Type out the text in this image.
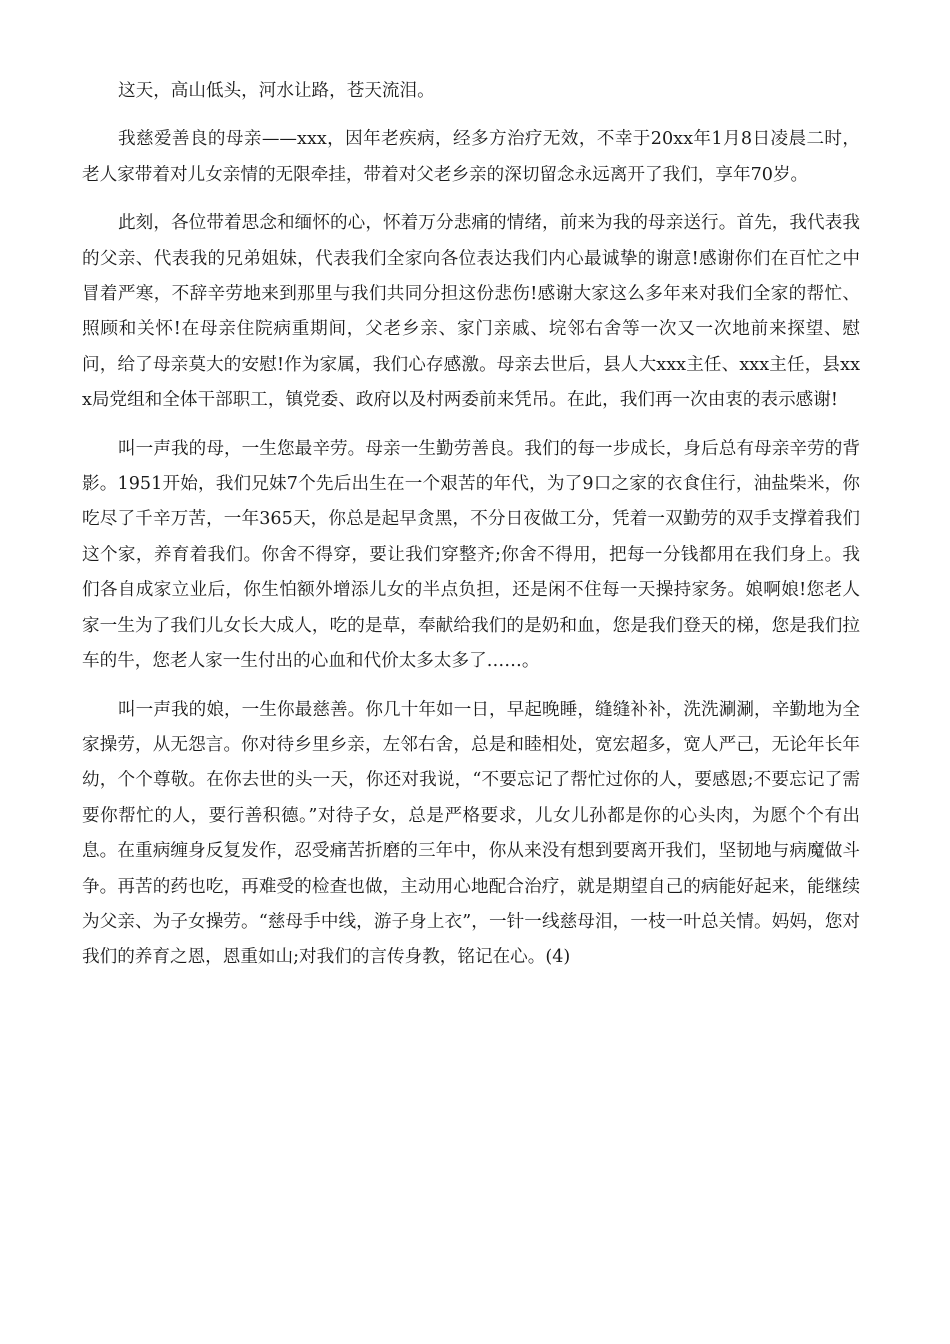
这天，高山低头，河水让路，苍天流泪。

我慈爱善良的母亲——xxx，因年老疾病，经多方治疗无效，不幸于20xx年1月8日凌晨二时，老人家带着对儿女亲情的无限牵挂，带着对父老乡亲的深切留念永远离开了我们，享年70岁。

此刻，各位带着思念和缅怀的心，怀着万分悲痛的情绪，前来为我的母亲送行。首先，我代表我的父亲、代表我的兄弟姐妹，代表我们全家向各位表达我们内心最诚挚的谢意!感谢你们在百忙之中冒着严寒，不辞辛劳地来到那里与我们共同分担这份悲伤!感谢大家这么多年来对我们全家的帮忙、照顾和关怀!在母亲住院病重期间，父老乡亲、家门亲戚、垸邻右舍等一次又一次地前来探望、慰问，给了母亲莫大的安慰!作为家属，我们心存感激。母亲去世后，县人大xxx主任、xxx主任，县xxx局党组和全体干部职工，镇党委、政府以及村两委前来凭吊。在此，我们再一次由衷的表示感谢!

叫一声我的母，一生您最辛劳。母亲一生勤劳善良。我们的每一步成长，身后总有母亲辛劳的背影。1951开始，我们兄妹7个先后出生在一个艰苦的年代，为了9口之家的衣食住行，油盐柴米，你吃尽了千辛万苦，一年365天，你总是起早贪黑，不分日夜做工分，凭着一双勤劳的双手支撑着我们这个家，养育着我们。你舍不得穿，要让我们穿整齐;你舍不得用，把每一分钱都用在我们身上。我们各自成家立业后，你生怕额外增添儿女的半点负担，还是闲不住每一天操持家务。娘啊娘!您老人家一生为了我们儿女长大成人，吃的是草，奉献给我们的是奶和血，您是我们登天的梯，您是我们拉车的牛，您老人家一生付出的心血和代价太多太多了……。

叫一声我的娘，一生你最慈善。你几十年如一日，早起晚睡，缝缝补补，洗洗涮涮，辛勤地为全家操劳，从无怨言。你对待乡里乡亲，左邻右舍，总是和睦相处，宽宏超多，宽人严己，无论年长年幼，个个尊敬。在你去世的头一天，你还对我说，“不要忘记了帮忙过你的人，要感恩;不要忘记了需要你帮忙的人，要行善积德。”对待子女，总是严格要求，儿女儿孙都是你的心头肉，为愿个个有出息。在重病缠身反复发作，忍受痛苦折磨的三年中，你从来没有想到要离开我们，坚韧地与病魔做斗争。再苦的药也吃，再难受的检查也做，主动用心地配合治疗，就是期望自己的病能好起来，能继续为父亲、为子女操劳。“慈母手中线，游子身上衣”，一针一线慈母泪，一枝一叶总关情。妈妈，您对我们的养育之恩，恩重如山;对我们的言传身教，铭记在心。(4)
